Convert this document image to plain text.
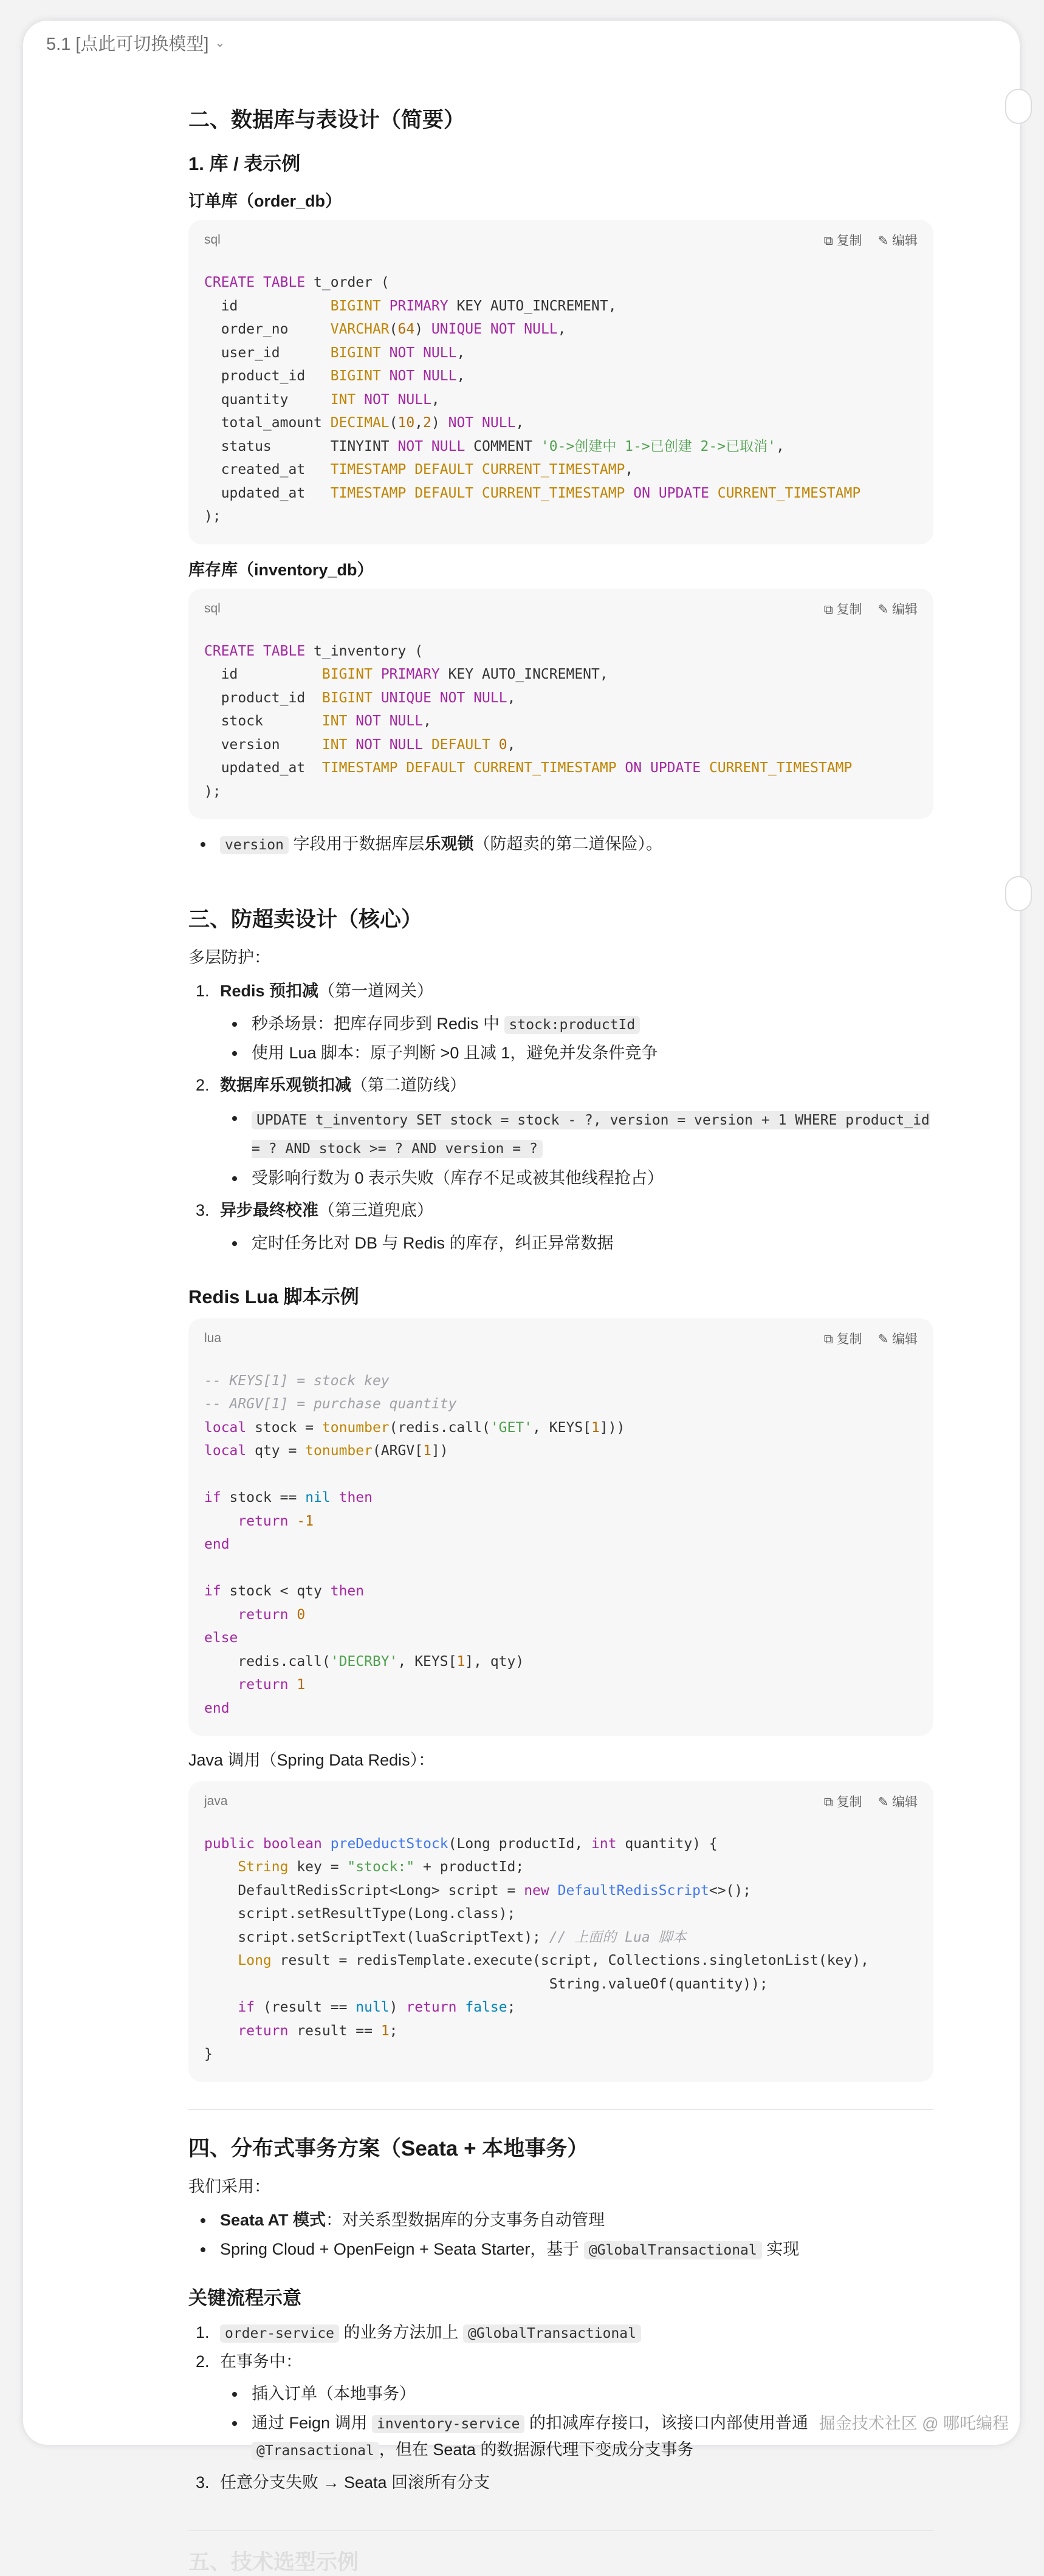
5.1 [点此可切换模型] ⌄
二、数据库与表设计（简要）
1. 库 / 表示例
订单库（order_db）
sql	⧉ 复制 ✎ 编辑
CREATE TABLE t_order (
id	BIGINT PRIMARY KEY AUTO_INCREMENT,
order_no	VARCHAR(64) UNIQUE NOT NULL,
user_id	BIGINT NOT NULL,
product_id   BIGINT NOT NULL,
quantity	INT NOT NULL,
total_amount DECIMAL(10,2) NOT NULL,
status       TINYINT NOT NULL COMMENT '0->创建中 1->已创建 2->已取消',
created_at   TIMESTAMP DEFAULT CURRENT_TIMESTAMP,
updated_at   TIMESTAMP DEFAULT CURRENT_TIMESTAMP ON UPDATE CURRENT_TIMESTAMP
);
库存库（inventory_db）
sql	⧉ 复制 ✎ 编辑
CREATE TABLE t_inventory (
id	BIGINT PRIMARY KEY AUTO_INCREMENT,
product_id  BIGINT UNIQUE NOT NULL,
stock	INT NOT NULL,
version	INT NOT NULL DEFAULT 0,
updated_at  TIMESTAMP DEFAULT CURRENT_TIMESTAMP ON UPDATE CURRENT_TIMESTAMP
);
version 字段用于数据库层乐观锁（防超卖的第二道保险）。
三、防超卖设计（核心）

多层防护：

1. Redis 预扣减（第一道网关）
秒杀场景：把库存同步到 Redis 中 stock:productId
使用 Lua 脚本：原子判断 >0 且减 1，避免并发条件竞争
2. 数据库乐观锁扣减（第二道防线）
UPDATE t_inventory SET stock = stock - ?, version = version + 1 WHERE product_id = ? AND stock >= ? AND version = ?
受影响行数为 0 表示失败（库存不足或被其他线程抢占）
3. 异步最终校准（第三道兜底）
定时任务比对 DB 与 Redis 的库存，纠正异常数据
Redis Lua 脚本示例
lua	⧉ 复制 ✎ 编辑
-- KEYS[1] = stock key
-- ARGV[1] = purchase quantity
local stock = tonumber(redis.call('GET', KEYS[1]))
local qty = tonumber(ARGV[1])

if stock == nil then
return -1
end

if stock < qty then
return 0
else
redis.call('DECRBY', KEYS[1], qty)
return 1
end

Java 调用（Spring Data Redis）：

java	⧉ 复制 ✎ 编辑
public boolean preDeductStock(Long productId, int quantity) {
String key = "stock:" + productId;
DefaultRedisScript<Long> script = new DefaultRedisScript<>();
script.setResultType(Long.class);
script.setScriptText(luaScriptText); // 上面的 Lua 脚本
Long result = redisTemplate.execute(script, Collections.singletonList(key),
String.valueOf(quantity));
if (result == null) return false;
return result == 1;
}
四、分布式事务方案（Seata + 本地事务）

我们采用：

Seata AT 模式：对关系型数据库的分支事务自动管理
Spring Cloud + OpenFeign + Seata Starter，基于 @GlobalTransactional 实现
关键流程示意
1. order-service 的业务方法加上 @GlobalTransactional
2. 在事务中：
插入订单（本地事务）
通过 Feign 调用 inventory-service 的扣减库存接口，该接口内部使用普通 @Transactional ，但在 Seata 的数据源代理下变成分支事务
3. 任意分支失败 → Seata 回滚所有分支
五、技术选型示例
掘金技术社区 @ 哪吒编程
